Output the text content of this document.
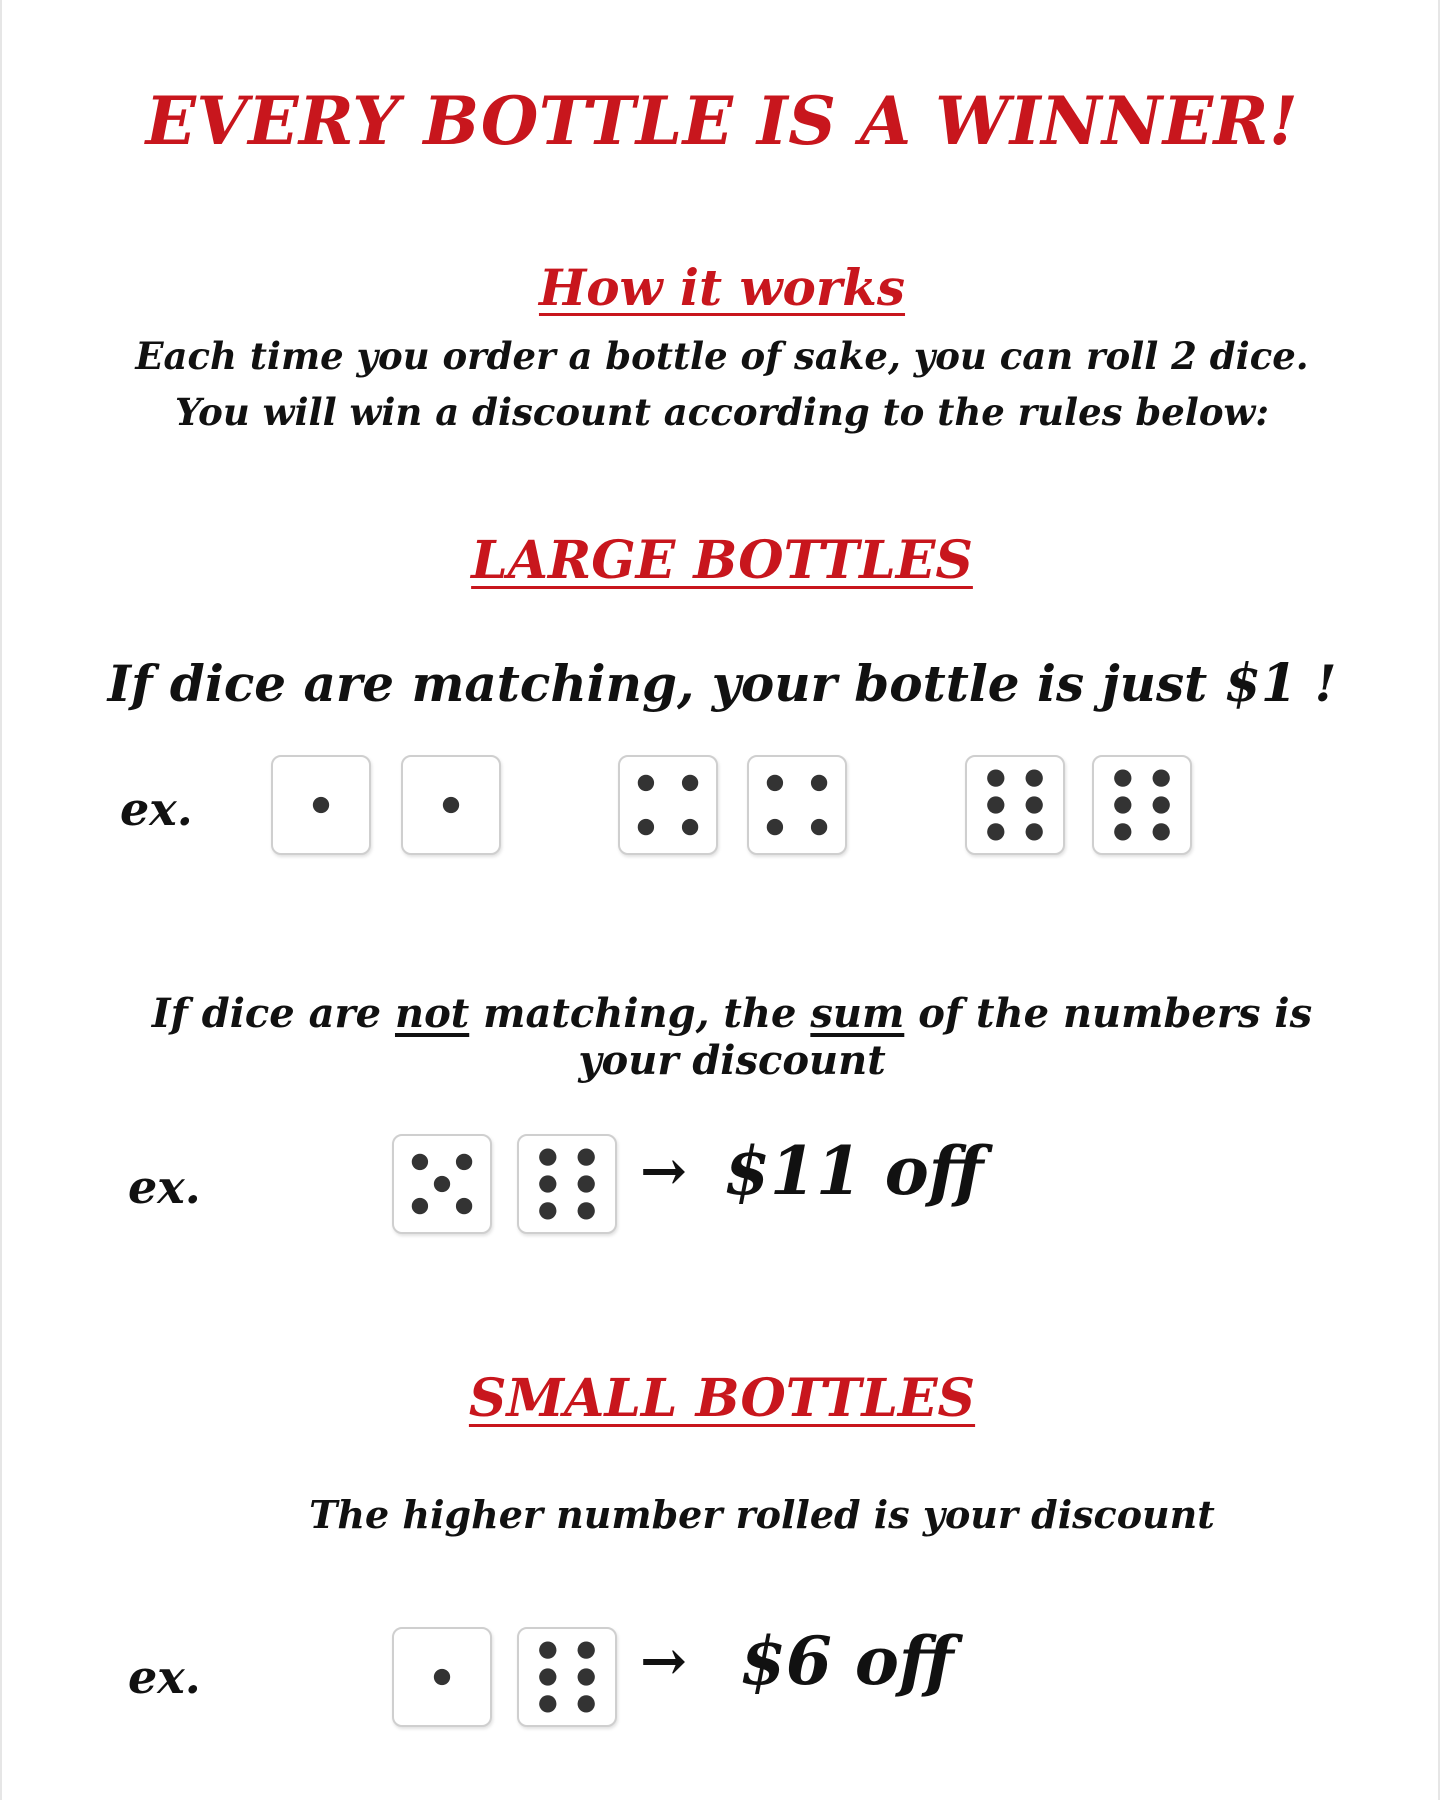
EVERY BOTTLE IS A WINNER!
How it works
Each time you order a bottle of sake, you can roll 2 dice.
You will win a discount according to the rules below:
LARGE BOTTLES
If dice are matching, your bottle is just $1 !
ex.
If dice are not matching, the sum of the numbers is your discount
ex.	→ $11 off
SMALL BOTTLES
The higher number rolled is your discount
ex.	→ $6 off
